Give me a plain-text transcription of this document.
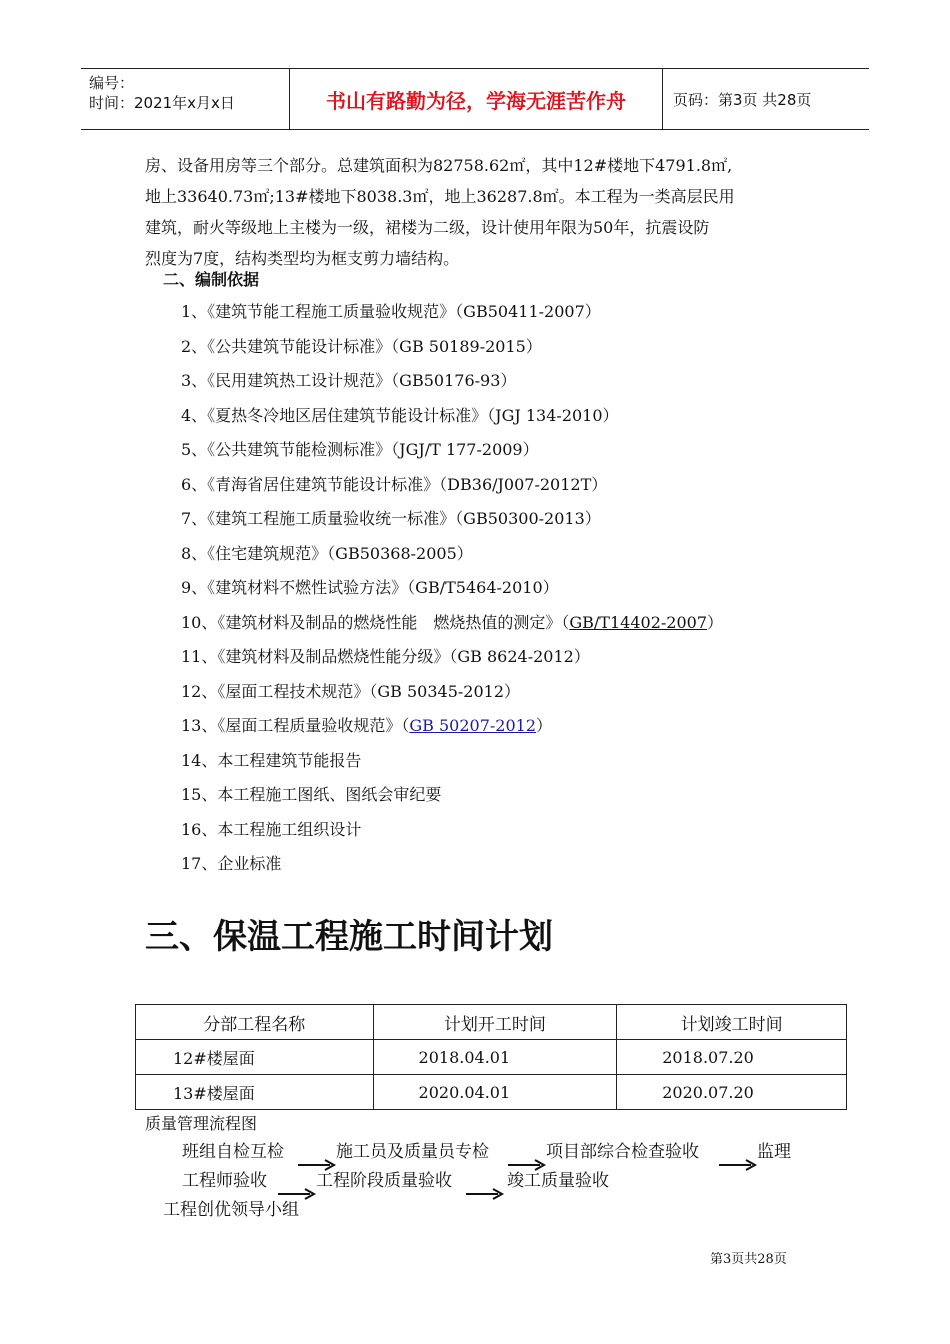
编号：
时间：2021年x月x日	书山有路勤为径，学海无涯苦作舟	页码：第3页 共28页
房、设备用房等三个部分。总建筑面积为82758.62㎡，其中12#楼地下4791.8㎡,
地上33640.73㎡;13#楼地下8038.3㎡，地上36287.8㎡。本工程为一类高层民用
建筑，耐火等级地上主楼为一级，裙楼为二级，设计使用年限为50年，抗震设防
烈度为7度，结构类型均为框支剪力墙结构。
二、编制依据
1、《建筑节能工程施工质量验收规范》（GB50411-2007）
2、《公共建筑节能设计标准》（GB 50189-2015）
3、《民用建筑热工设计规范》（GB50176-93）
4、《夏热冬冷地区居住建筑节能设计标准》（JGJ 134-2010）
5、《公共建筑节能检测标准》（JGJ/T 177-2009）
6、《青海省居住建筑节能设计标准》（DB36/J007-2012T）
7、《建筑工程施工质量验收统一标准》（GB50300-2013）
8、《住宅建筑规范》（GB50368-2005）
9、《建筑材料不燃性试验方法》（GB/T5464-2010）
10、《建筑材料及制品的燃烧性能　燃烧热值的测定》（GB/T14402-2007）
11、《建筑材料及制品燃烧性能分级》（GB 8624-2012）
12、《屋面工程技术规范》（GB 50345-2012）
13、《屋面工程质量验收规范》（GB 50207-2012）
14、本工程建筑节能报告
15、本工程施工图纸、图纸会审纪要
16、本工程施工组织设计
17、企业标准
三、保温工程施工时间计划
分部工程名称	计划开工时间	计划竣工时间
12#楼屋面	2018.04.01	2018.07.20
13#楼屋面	2020.04.01	2020.07.20
质量管理流程图
班组自检互检	施工员及质量员专检	项目部综合检查验收	监理
工程师验收	工程阶段质量验收	竣工质量验收
工程创优领导小组
第3页共28页
